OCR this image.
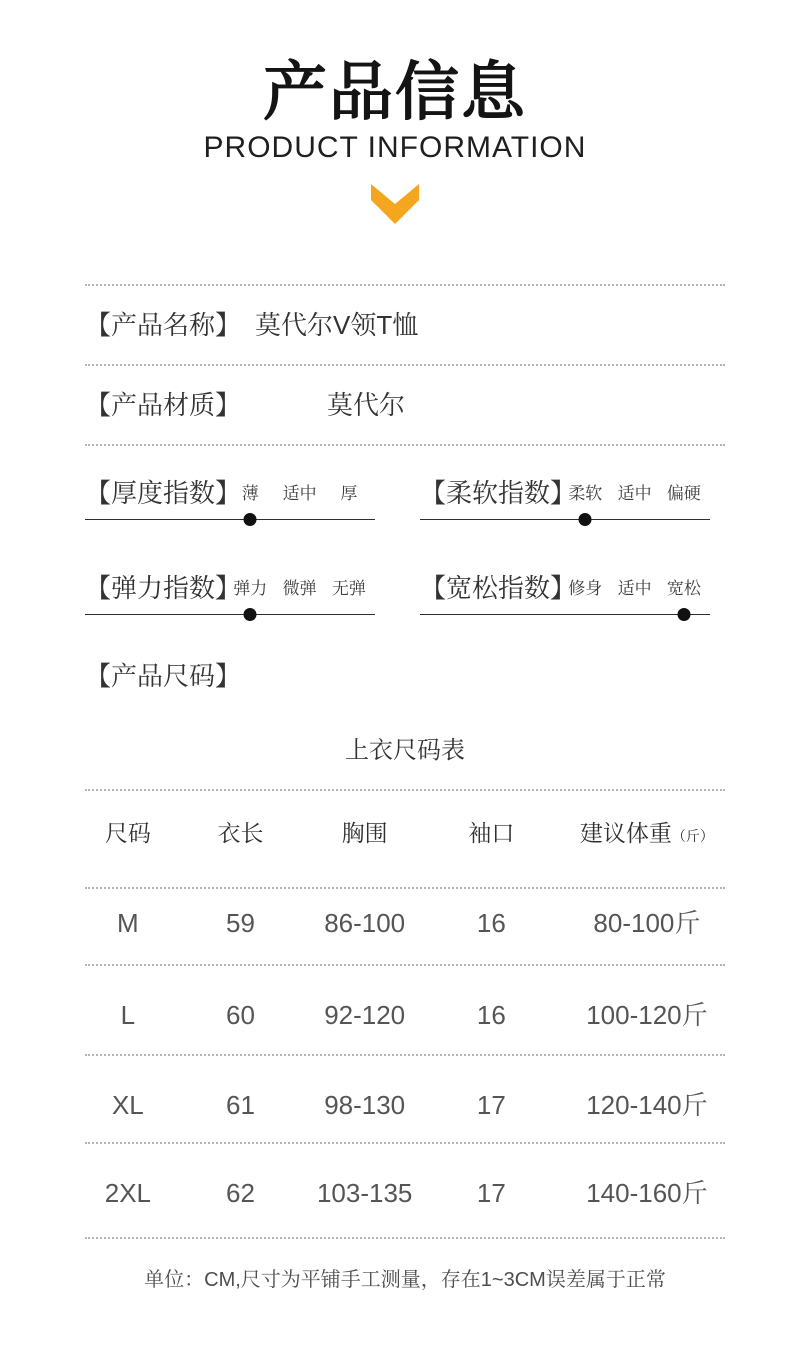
产品信息
PRODUCT INFORMATION
【产品名称】 莫代尔V领T恤
【产品材质】	莫代尔
【厚度指数】 薄 适中 厚 【柔软指数】
柔软 适中 偏硬
【弹力指数】
弹力 微弹 无弹 【宽松指数】
修身 适中 宽松
【产品尺码】
上衣尺码表
尺码	衣长	胸围	袖口	建议体重（斤）
M	59	86-100	16	80-100斤
L	60	92-120	16	100-120斤
XL	61	98-130	17	120-140斤
2XL	62 103-135 17	140-160斤
单位：CM,尺寸为平铺手工测量，存在1~3CM误差属于正常
